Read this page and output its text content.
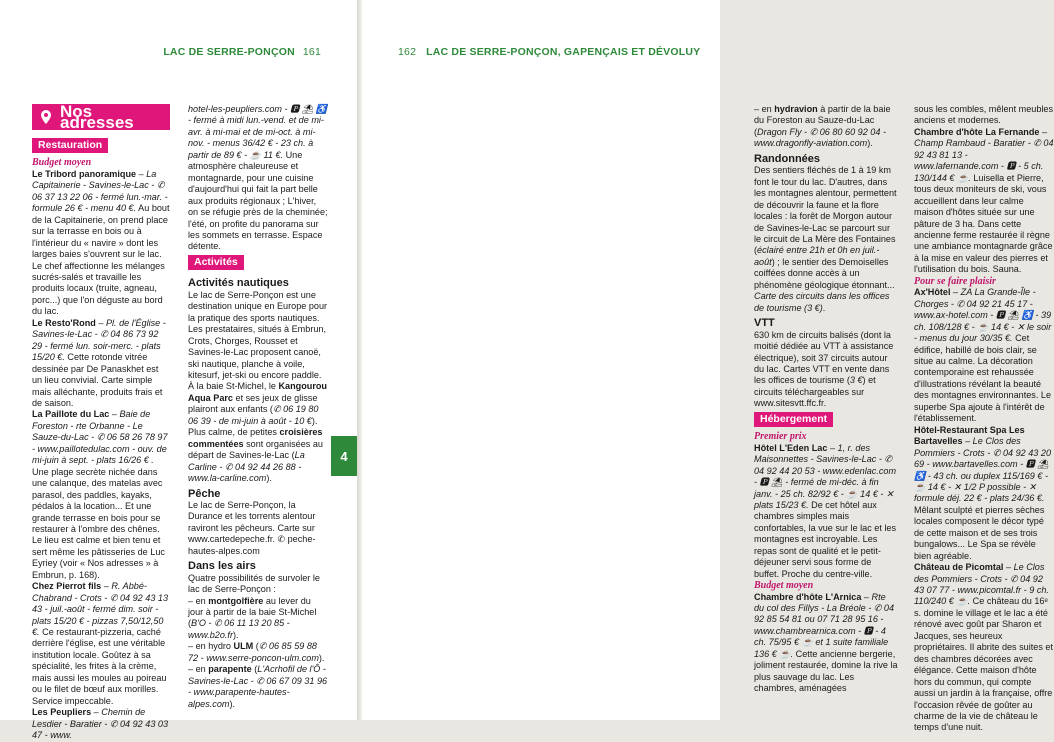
LAC DE SERRE-PONÇON 161
Nos adresses
Restauration
Budget moyen

Le Tribord panoramique – La Capitainerie - Savines-le-Lac - ✆ 06 37 13 22 06 - fermé lun.-mar. - formule 26 € - menu 40 €. Au bout de la Capitainerie, on prend place sur la terrasse en bois ou à l'intérieur du « navire » dont les larges baies s'ouvrent sur le lac. Le chef affectionne les mélanges sucrés-salés et travaille les produits locaux (truite, agneau, porc...) que l'on déguste au bord du lac.

Le Resto'Rond – Pl. de l'Église - Savines-le-Lac - ✆ 04 86 73 92 29 - fermé lun. soir-merc. - plats 15/20 €. Cette rotonde vitrée dessinée par De Panaskhet est un lieu convivial. Carte simple mais alléchante, produits frais et de saison.

La Paillote du Lac – Baie de Foreston - rte Orbanne - Le Sauze-du-Lac - ✆ 06 58 26 78 97 - www.paillotedulac.com - ouv. de mi-juin à sept. - plats 16/26 € . Une plage secrète nichée dans une calanque, des matelas avec parasol, des paddles, kayaks, pédalos à la location... Et une grande terrasse en bois pour se restaurer à l'ombre des chênes. Le lieu est calme et bien tenu et sert même les pâtisseries de Luc Eyriey (voir « Nos adresses » à Embrun, p. 168).

Chez Pierrot fils – R. Abbé-Chabrand - Crots - ✆ 04 92 43 13 43 - juil.-août - fermé dim. soir - plats 15/20 € - pizzas 7,50/12,50 €. Ce restaurant-pizzeria, caché derrière l'église, est une véritable institution locale. Goûtez à sa spécialité, les frites à la crème, mais aussi les moules au poireau ou le filet de bœuf aux morilles. Service impeccable.

Les Peupliers – Chemin de Lesdier - Baratier - ✆ 04 92 43 03 47 - www.

hotel-les-peupliers.com - 🅿 ⛱ ♿ - fermé à midi lun.-vend. et de mi-avr. à mi-mai et de mi-oct. à mi-nov. - menus 36/42 € - 23 ch. à partir de 89 € - ☕ 11 €. Une atmosphère chaleureuse et montagnarde, pour une cuisine d'aujourd'hui qui fait la part belle aux produits régionaux ; L'hiver, on se réfugie près de la cheminée; l'été, on profite du panorama sur les sommets en terrasse. Espace détente.

Activités
Activités nautiques

Le lac de Serre-Ponçon est une destination unique en Europe pour la pratique des sports nautiques. Les prestataires, situés à Embrun, Crots, Chorges, Rousset et Savines-le-Lac proposent canoë, ski nautique, planche à voile, kitesurf, jet-ski ou encore paddle.

À la baie St-Michel, le Kangourou Aqua Parc et ses jeux de glisse plairont aux enfants (✆ 06 19 80 06 39 - de mi-juin à août - 10 €).

Plus calme, de petites croisières commentées sont organisées au départ de Savines-le-Lac (La Carline - ✆ 04 92 44 26 88 - www.la-carline.com).

Pêche

Le lac de Serre-Ponçon, la Durance et les torrents alentour raviront les pêcheurs. Carte sur www.cartedepeche.fr. ✆ peche-hautes-alpes.com

Dans les airs

Quatre possibilités de survoler le lac de Serre-Ponçon :
– en montgolfière au lever du jour à partir de la baie St-Michel (B'O - ✆ 06 11 13 20 85 - www.b2o.fr).
– en hydro ULM (✆ 06 85 59 88 72 - www.serre-poncon-ulm.com).
– en parapente (L'Acrhofil de l'Ô - Savines-le-Lac - ✆ 06 67 09 31 96 - www.parapente-hautes-alpes.com).

4
162 LAC DE SERRE-PONÇON, GAPENÇAIS ET DÉVOLUY

– en hydravion à partir de la baie du Foreston au Sauze-du-Lac (Dragon Fly - ✆ 06 80 60 92 04 - www.dragonfly-aviation.com).

Randonnées

Des sentiers fléchés de 1 à 19 km font le tour du lac. D'autres, dans les montagnes alentour, permettent de découvrir la faune et la flore locales : la forêt de Morgon autour de Savines-le-Lac se parcourt sur le circuit de La Mère des Fontaines (éclairé entre 21h et 0h en juil.-août) ; le sentier des Demoiselles coiffées donne accès à un phénomène géologique étonnant... Carte des circuits dans les offices de tourisme (3 €).

VTT

630 km de circuits balisés (dont la moitié dédiée au VTT à assistance électrique), soit 37 circuits autour du lac. Cartes VTT en vente dans les offices de tourisme (3 €) et circuits téléchargeables sur www.sitesvtt.ffc.fr.

Hébergement
Premier prix

Hôtel L'Eden Lac – 1, r. des Maisonnettes - Savines-le-Lac - ✆ 04 92 44 20 53 - www.edenlac.com - 🅿 ⛱ - fermé de mi-déc. à fin janv. - 25 ch. 82/92 € - ☕ 14 € - ✕ plats 15/23 €. De cet hôtel aux chambres simples mais confortables, la vue sur le lac et les montagnes est incroyable. Les repas sont de qualité et le petit-déjeuner servi sous forme de buffet. Proche du centre-ville.

Budget moyen

Chambre d'hôte L'Arnica – Rte du col des Fillys - La Bréole - ✆ 04 92 85 54 81 ou 07 71 28 95 16 - www.chambrearnica.com - 🅿 - 4 ch. 75/95 € ☕ et 1 suite familiale 136 € ☕. Cette ancienne bergerie, joliment restaurée, domine la rive la plus sauvage du lac. Les chambres, aménagées

sous les combles, mêlent meubles anciens et modernes.

Chambre d'hôte La Fernande – Champ Rambaud - Baratier - ✆ 04 92 43 81 13 - www.lafernande.com - 🅿 - 5 ch. 130/144 € ☕. Luisella et Pierre, tous deux moniteurs de ski, vous accueillent dans leur calme maison d'hôtes située sur une pâture de 3 ha. Dans cette ancienne ferme restaurée il règne une ambiance montagnarde grâce à la mise en valeur des pierres et l'utilisation du bois. Sauna.

Pour se faire plaisir

Ax'Hôtel – ZA La Grande-Île - Chorges - ✆ 04 92 21 45 17 - www.ax-hotel.com - 🅿 ⛱ ♿ - 39 ch. 108/128 € - ☕ 14 € - ✕ le soir - menus du jour 30/35 €. Cet édifice, habillé de bois clair, se situe au calme. La décoration contemporaine est rehaussée d'illustrations révélant la beauté des montagnes environnantes. Le superbe Spa ajoute à l'intérêt de l'établissement.

Hôtel-Restaurant Spa Les Bartavelles – Le Clos des Pommiers - Crots - ✆ 04 92 43 20 69 - www.bartavelles.com - 🅿 ⛱ ♿ - 43 ch. ou duplex 115/169 € - ☕ 14 € - ✕ 1/2 P possible - ✕ formule déj. 22 € - plats 24/36 €. Mêlant sculpté et pierres sèches locales composent le décor typé de cette maison et de ses trois bungalows... Le Spa se révèle bien agréable.

Château de Picomtal – Le Clos des Pommiers - Crots - ✆ 04 92 43 07 77 - www.picomtal.fr - 9 ch. 110/240 € ☕. Ce château du 16ᵉ s. domine le village et le lac a été rénové avec goût par Sharon et Jacques, ses heureux propriétaires. Il abrite des suites et des chambres décorées avec élégance. Cette maison d'hôte hors du commun, qui compte aussi un jardin à la française, offre l'occasion rêvée de goûter au charme de la vie de château le temps d'une nuit.
